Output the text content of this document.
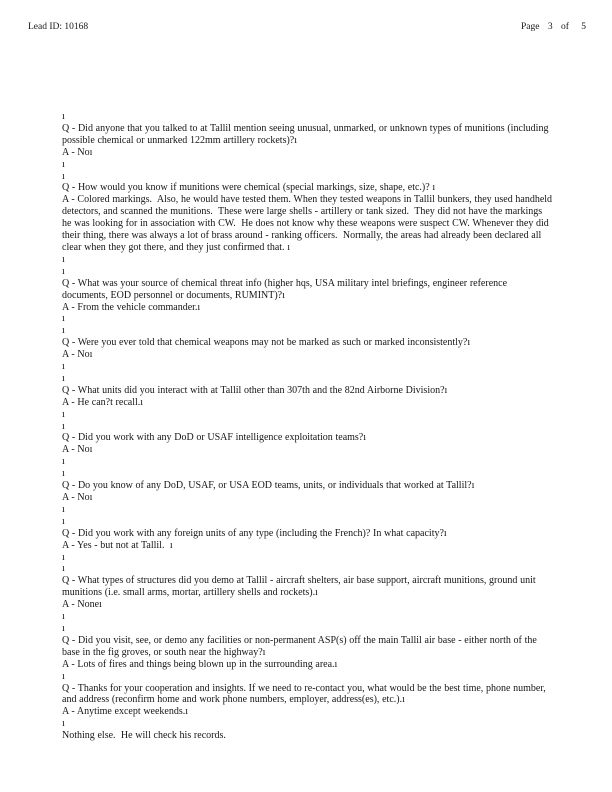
Lead ID: 10168	Page 3 of 5

ı

Q - Did anyone that you talked to at Tallil mention seeing unusual, unmarked, or unknown types of munitions (including possible chemical or unmarked 122mm artillery rockets)?ı

A - Noı

ı

ı

Q - How would you know if munitions were chemical (special markings, size, shape, etc.)? ı

A - Colored markings.  Also, he would have tested them. When they tested weapons in Tallil bunkers, they used handheld detectors, and scanned the munitions.  These were large shells - artillery or tank sized.  They did not have the markings he was looking for in association with CW.  He does not know why these weapons were suspect CW. Whenever they did their thing, there was always a lot of brass around - ranking officers.  Normally, the areas had already been declared all clear when they got there, and they just confirmed that. ı

ı

ı

Q - What was your source of chemical threat info (higher hqs, USA military intel briefings, engineer reference documents, EOD personnel or documents, RUMINT)?ı

A - From the vehicle commander.ı

ı

ı

Q - Were you ever told that chemical weapons may not be marked as such or marked inconsistently?ı

A - Noı

ı

ı

Q - What units did you interact with at Tallil other than 307th and the 82nd Airborne Division?ı

A - He can?t recall.ı

ı

ı

Q - Did you work with any DoD or USAF intelligence exploitation teams?ı

A - Noı

ı

ı

Q - Do you know of any DoD, USAF, or USA EOD teams, units, or individuals that worked at Tallil?ı

A - Noı

ı

ı

Q - Did you work with any foreign units of any type (including the French)? In what capacity?ı

A - Yes - but not at Tallil.  ı

ı

ı

Q - What types of structures did you demo at Tallil - aircraft shelters, air base support, aircraft munitions, ground unit munitions (i.e. small arms, mortar, artillery shells and rockets).ı

A - Noneı

ı

ı

Q - Did you visit, see, or demo any facilities or non-permanent ASP(s) off the main Tallil air base - either north of the base in the fig groves, or south near the highway?ı

A - Lots of fires and things being blown up in the surrounding area.ı

ı

Q - Thanks for your cooperation and insights. If we need to re-contact you, what would be the best time, phone number, and address (reconfirm home and work phone numbers, employer, address(es), etc.).ı

A - Anytime except weekends.ı

ı

Nothing else.  He will check his records.
